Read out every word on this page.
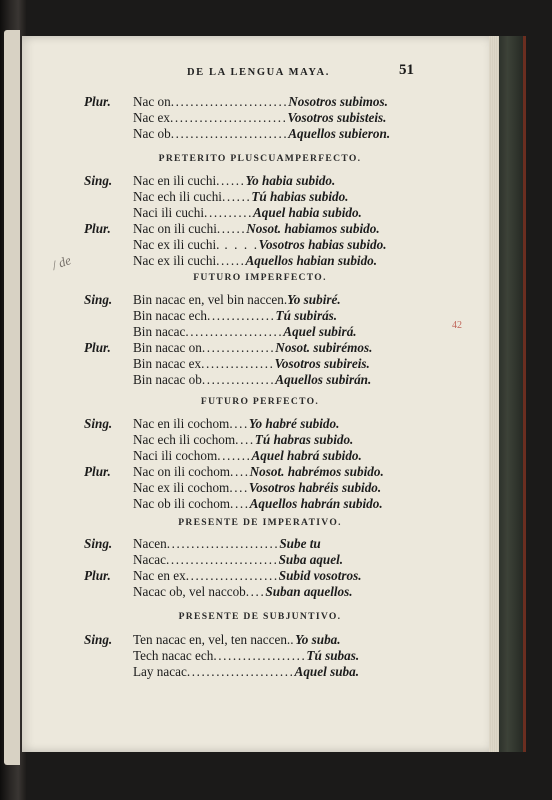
DE LA LENGUA MAYA.	51
/ de
42
Plur. Nac on........................Nosotros subimos.
Nac ex........................Vosotros subisteis.
Nac ob........................Aquellos subieron.
PRETERITO PLUSCUAMPERFECTO.
Sing. Nac en ili cuchi......Yo habia subido.
Nac ech ili cuchi......Tú habias subido.
Naci ili cuchi..........Aquel habia subido.
Plur. Nac on ili cuchi......Nosot. habiamos subido.
Nac ex ili cuchi. . . . .Vosotros habias subido.
Nac ex ili cuchi......Aquellos habian subido.
FUTURO IMPERFECTO.
Sing. Bin nacac en, vel bin naccen.Yo subiré.
Bin nacac ech..............Tú subirás.
Bin nacac....................Aquel subirá.
Plur. Bin nacac on...............Nosot. subirémos.
Bin nacac ex...............Vosotros subireis.
Bin nacac ob...............Aquellos subirán.
FUTURO PERFECTO.
Sing. Nac en ili cochom....Yo habré subido.
Nac ech ili cochom....Tú habras subido.
Naci ili cochom.......Aquel habrá subido.
Plur. Nac on ili cochom....Nosot. habrémos subido.
Nac ex ili cochom....Vosotros habréis subido.
Nac ob ili cochom....Aquellos habrán subido.
PRESENTE DE IMPERATIVO.
Sing. Nacen.......................Sube tu
Nacac.......................Suba aquel.
Plur. Nac en ex...................Subid vosotros.
Nacac ob, vel naccob....Suban aquellos.
PRESENTE DE SUBJUNTIVO.
Sing. Ten nacac en, vel, ten naccen..Yo suba.
Tech nacac ech...................Tú subas.
Lay nacac......................Aquel suba.
